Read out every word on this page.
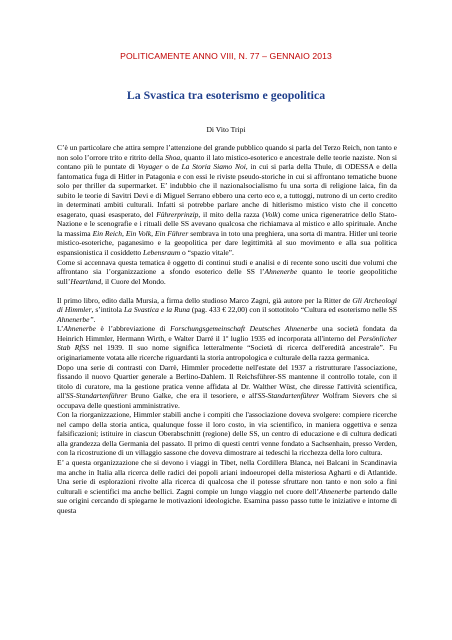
POLITICAMENTE ANNO VIII, N. 77 – GENNAIO 2013
La Svastica tra esoterismo e geopolitica
Di Vito Tripi

C’è un particolare che attira sempre l’attenzione del grande pubblico quando si parla del Terzo Reich, non tanto e non solo l’orrore trito e ritrito della Shoa, quanto il lato mistico-esoterico e ancestrale delle teorie naziste. Non si contano più le puntate di Voyager o de La Storia Siamo Noi, in cui si parla della Thule, di ODESSA e della fantomatica fuga di Hitler in Patagonia e con essi le riviste pseudo-storiche in cui si affrontano tematiche buone solo per thriller da supermarket. E’ indubbio che il nazionalsocialismo fu una sorta di religione laica, fin da subito le teorie di Savitri Devi e di Miguel Serrano ebbero una certo eco e, a tuttoggi, nutrono di un certo credito in determinati ambiti culturali. Infatti si potrebbe parlare anche di hitlerismo mistico visto che il concetto esagerato, quasi esasperato, del Führerprinzip, il mito della razza (Volk) come unica rigeneratrice dello Stato-Nazione e le scenografie e i rituali delle SS avevano qualcosa che richiamava al mistico e allo spirituale. Anche la massima Ein Reich, Ein Volk, Ein Führer sembrava in toto una preghiera, una sorta di mantra. Hitler unì teorie mistico-esoteriche, paganesimo e la geopolitica per dare legittimità al suo movimento e alla sua politica espansionistica il cosiddetto Lebensraum o “spazio vitale”.

Come si accennava questa tematica è oggetto di continui studi e analisi e di recente sono usciti due volumi che affrontano sia l’organizzazione a sfondo esoterico delle SS l’Ahnenerbe quanto le teorie geopolitiche sull’Heartland, il Cuore del Mondo.

Il primo libro, edito dalla Mursia, a firma dello studioso Marco Zagni, già autore per la Ritter de Gli Archeologi di Himmler, s’intitola La Svastica e la Runa (pag. 433 € 22,00) con il sottotitolo “Cultura ed esoterismo nelle SS Ahnenerbe”.

L’Ahnenerbe è l’abbreviazione di Forschungsgemeinschaft Deutsches Ahnenerbe una società fondata da Heinrich Himmler, Hermann Wirth, e Walter Darré il 1º luglio 1935 ed incorporata all'interno del Persönlicher Stab RfSS nel 1939. Il suo nome significa letteralmente “Società di ricerca dell'eredità ancestrale”. Fu originariamente votata alle ricerche riguardanti la storia antropologica e culturale della razza germanica.

Dopo una serie di contrasti con Darrè, Himmler procedette nell'estate del 1937 a ristrutturare l'associazione, fissando il nuovo Quartier generale a Berlino-Dahlem. Il Reichsführer-SS mantenne il controllo totale, con il titolo di curatore, ma la gestione pratica venne affidata al Dr. Walther Wüst, che diresse l'attività scientifica, all'SS-Standartenführer Bruno Galke, che era il tesoriere, e all'SS-Standartenführer Wolfram Sievers che si occupava delle questioni amministrative.

Con la riorganizzazione, Himmler stabilì anche i compiti che l'associazione doveva svolgere: compiere ricerche nel campo della storia antica, qualunque fosse il loro costo, in via scientifico, in maniera oggettiva e senza falsificazioni; istituire in ciascun Oberabschnitt (regione) delle SS, un centro di educazione e di cultura dedicati alla grandezza della Germania del passato. Il primo di questi centri venne fondato a Sachsenhain, presso Verden, con la ricostruzione di un villaggio sassone che doveva dimostrare ai tedeschi la ricchezza della loro cultura.

E’ a questa organizzazione che si devono i viaggi in Tibet, nella Cordillera Blanca, nei Balcani in Scandinavia ma anche in Italia alla ricerca delle radici dei popoli ariani indoeuropei della misteriosa Agharti e di Atlantide. Una serie di esplorazioni rivolte alla ricerca di qualcosa che il potesse sfruttare non tanto e non solo a fini culturali e scientifici ma anche bellici. Zagni compie un lungo viaggio nel cuore dell’Ahnenerbe partendo dalle sue origini cercando di spiegarne le motivazioni ideologiche. Esamina passo passo tutte le iniziative e intorne di questa
